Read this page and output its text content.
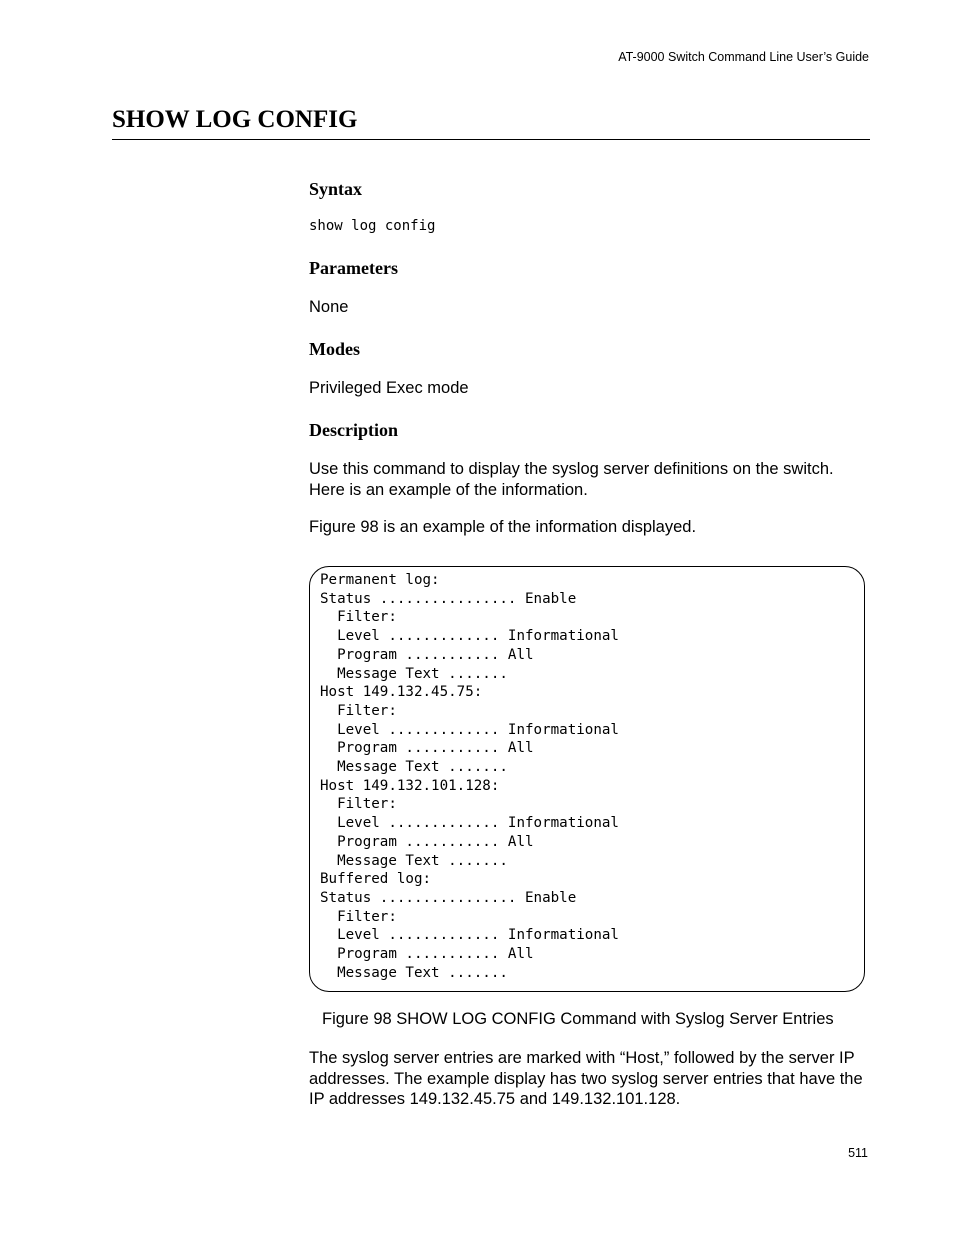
AT-9000 Switch Command Line User’s Guide
SHOW LOG CONFIG
Syntax
show log config
Parameters

None

Modes

Privileged Exec mode

Description

Use this command to display the syslog server definitions on the switch. Here is an example of the information.

Figure 98 is an example of the information displayed.

The syslog server entries are marked with “Host,” followed by the server IP addresses. The example display has two syslog server entries that have the IP addresses 149.132.45.75 and 149.132.101.128.

Permanent log:
Status ................ Enable
Filter:
Level ............. Informational
Program ........... All
Message Text .......
Host 149.132.45.75:
Filter:
Level ............. Informational
Program ........... All
Message Text .......
Host 149.132.101.128:
Filter:
Level ............. Informational
Program ........... All
Message Text .......
Buffered log:
Status ................ Enable
Filter:
Level ............. Informational
Program ........... All
Message Text .......

Figure 98 SHOW LOG CONFIG Command with Syslog Server Entries

511
